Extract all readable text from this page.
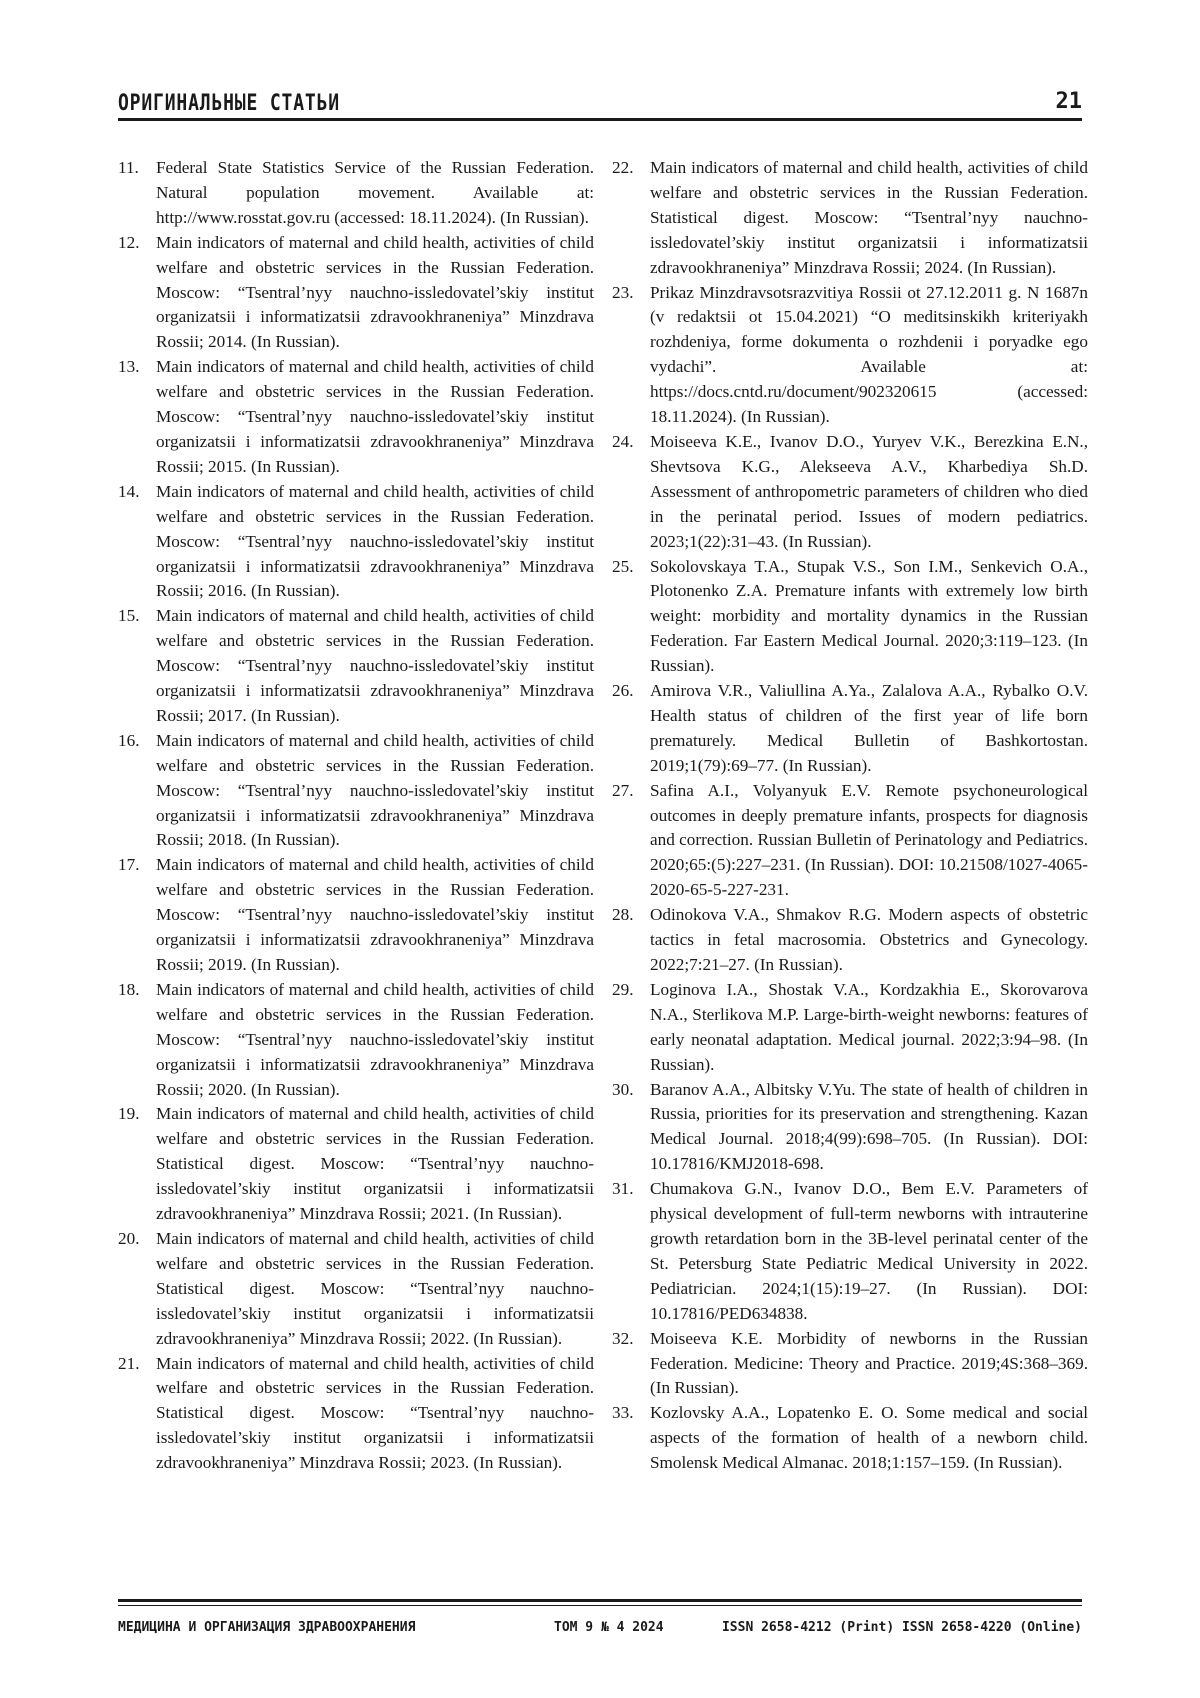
ОРИГИНАЛЬНЫЕ СТАТЬИ	21
11. Federal State Statistics Service of the Russian Federation. Natural population movement. Available at: http://www.rosstat.gov.ru (accessed: 18.11.2024). (In Russian).
12. Main indicators of maternal and child health, activities of child welfare and obstetric services in the Russian Federation. Moscow: “Tsentral’nyy nauchno-issledovatel’skiy institut organizatsii i informatizatsii zdravookhraneniya” Minzdrava Rossii; 2014. (In Russian).
13. Main indicators of maternal and child health, activities of child welfare and obstetric services in the Russian Federation. Moscow: “Tsentral’nyy nauchno-issledovatel’skiy institut organizatsii i informatizatsii zdravookhraneniya” Minzdrava Rossii; 2015. (In Russian).
14. Main indicators of maternal and child health, activities of child welfare and obstetric services in the Russian Federation. Moscow: “Tsentral’nyy nauchno-issledovatel’skiy institut organizatsii i informatizatsii zdravookhraneniya” Minzdrava Rossii; 2016. (In Russian).
15. Main indicators of maternal and child health, activities of child welfare and obstetric services in the Russian Federation. Moscow: “Tsentral’nyy nauchno-issledovatel’skiy institut organizatsii i informatizatsii zdravookhraneniya” Minzdrava Rossii; 2017. (In Russian).
16. Main indicators of maternal and child health, activities of child welfare and obstetric services in the Russian Federation. Moscow: “Tsentral’nyy nauchno-issledovatel’skiy institut organizatsii i informatizatsii zdravookhraneniya” Minzdrava Rossii; 2018. (In Russian).
17. Main indicators of maternal and child health, activities of child welfare and obstetric services in the Russian Federation. Moscow: “Tsentral’nyy nauchno-issledovatel’skiy institut organizatsii i informatizatsii zdravookhraneniya” Minzdrava Rossii; 2019. (In Russian).
18. Main indicators of maternal and child health, activities of child welfare and obstetric services in the Russian Federation. Moscow: “Tsentral’nyy nauchno-issledovatel’skiy institut organizatsii i informatizatsii zdravookhraneniya” Minzdrava Rossii; 2020. (In Russian).
19. Main indicators of maternal and child health, activities of child welfare and obstetric services in the Russian Federation. Statistical digest. Moscow: “Tsentral’nyy nauchno-issledovatel’skiy institut organizatsii i informatizatsii zdravookhraneniya” Minzdrava Rossii; 2021. (In Russian).
20. Main indicators of maternal and child health, activities of child welfare and obstetric services in the Russian Federation. Statistical digest. Moscow: “Tsentral’nyy nauchno-issledovatel’skiy institut organizatsii i informatizatsii zdravookhraneniya” Minzdrava Rossii; 2022. (In Russian).
21. Main indicators of maternal and child health, activities of child welfare and obstetric services in the Russian Federation. Statistical digest. Moscow: “Tsentral’nyy nauchno-issledovatel’skiy institut organizatsii i informatizatsii zdravookhraneniya” Minzdrava Rossii; 2023. (In Russian).
22. Main indicators of maternal and child health, activities of child welfare and obstetric services in the Russian Federation. Statistical digest. Moscow: “Tsentral’nyy nauchno-issledovatel’skiy institut organizatsii i informatizatsii zdravookhraneniya” Minzdrava Rossii; 2024. (In Russian).
23. Prikaz Minzdravsotsrazvitiya Rossii ot 27.12.2011 g. N 1687n (v redaktsii ot 15.04.2021) “O meditsinskikh kriteriyakh rozhdeniya, forme dokumenta o rozhdenii i poryadke ego vydachi”. Available at: https://docs.cntd.ru/document/902320615 (accessed: 18.11.2024). (In Russian).
24. Moiseeva K.E., Ivanov D.O., Yuryev V.K., Berezkina E.N., Shevtsova K.G., Alekseeva A.V., Kharbediya Sh.D. Assessment of anthropometric parameters of children who died in the perinatal period. Issues of modern pediatrics. 2023;1(22):31–43. (In Russian).
25. Sokolovskaya T.A., Stupak V.S., Son I.M., Senkevich O.A., Plotonenko Z.A. Premature infants with extremely low birth weight: morbidity and mortality dynamics in the Russian Federation. Far Eastern Medical Journal. 2020;3:119–123. (In Russian).
26. Amirova V.R., Valiullina A.Ya., Zalalova A.A., Rybalko O.V. Health status of children of the first year of life born prematurely. Medical Bulletin of Bashkortostan. 2019;1(79):69–77. (In Russian).
27. Safina A.I., Volyanyuk E.V. Remote psychoneurological outcomes in deeply premature infants, prospects for diagnosis and correction. Russian Bulletin of Perinatology and Pediatrics. 2020;65:(5):227–231. (In Russian). DOI: 10.21508/1027-4065-2020-65-5-227-231.
28. Odinokova V.A., Shmakov R.G. Modern aspects of obstetric tactics in fetal macrosomia. Obstetrics and Gynecology. 2022;7:21–27. (In Russian).
29. Loginova I.A., Shostak V.A., Kordzakhia E., Skorovarova N.A., Sterlikova M.P. Large-birth-weight newborns: features of early neonatal adaptation. Medical journal. 2022;3:94–98. (In Russian).
30. Baranov A.A., Albitsky V.Yu. The state of health of children in Russia, priorities for its preservation and strengthening. Kazan Medical Journal. 2018;4(99):698–705. (In Russian). DOI: 10.17816/KMJ2018-698.
31. Chumakova G.N., Ivanov D.O., Bem E.V. Parameters of physical development of full-term newborns with intrauterine growth retardation born in the 3B-level perinatal center of the St. Petersburg State Pediatric Medical University in 2022. Pediatrician. 2024;1(15):19–27. (In Russian). DOI: 10.17816/PED634838.
32. Moiseeva K.E. Morbidity of newborns in the Russian Federation. Medicine: Theory and Practice. 2019;4S:368–369. (In Russian).
33. Kozlovsky A.A., Lopatenko E. O. Some medical and social aspects of the formation of health of a newborn child. Smolensk Medical Almanac. 2018;1:157–159. (In Russian).
МЕДИЦИНА И ОРГАНИЗАЦИЯ ЗДРАВООХРАНЕНИЯ	ТОМ 9 № 4 2024	ISSN 2658-4212 (Print) ISSN 2658-4220 (Online)
